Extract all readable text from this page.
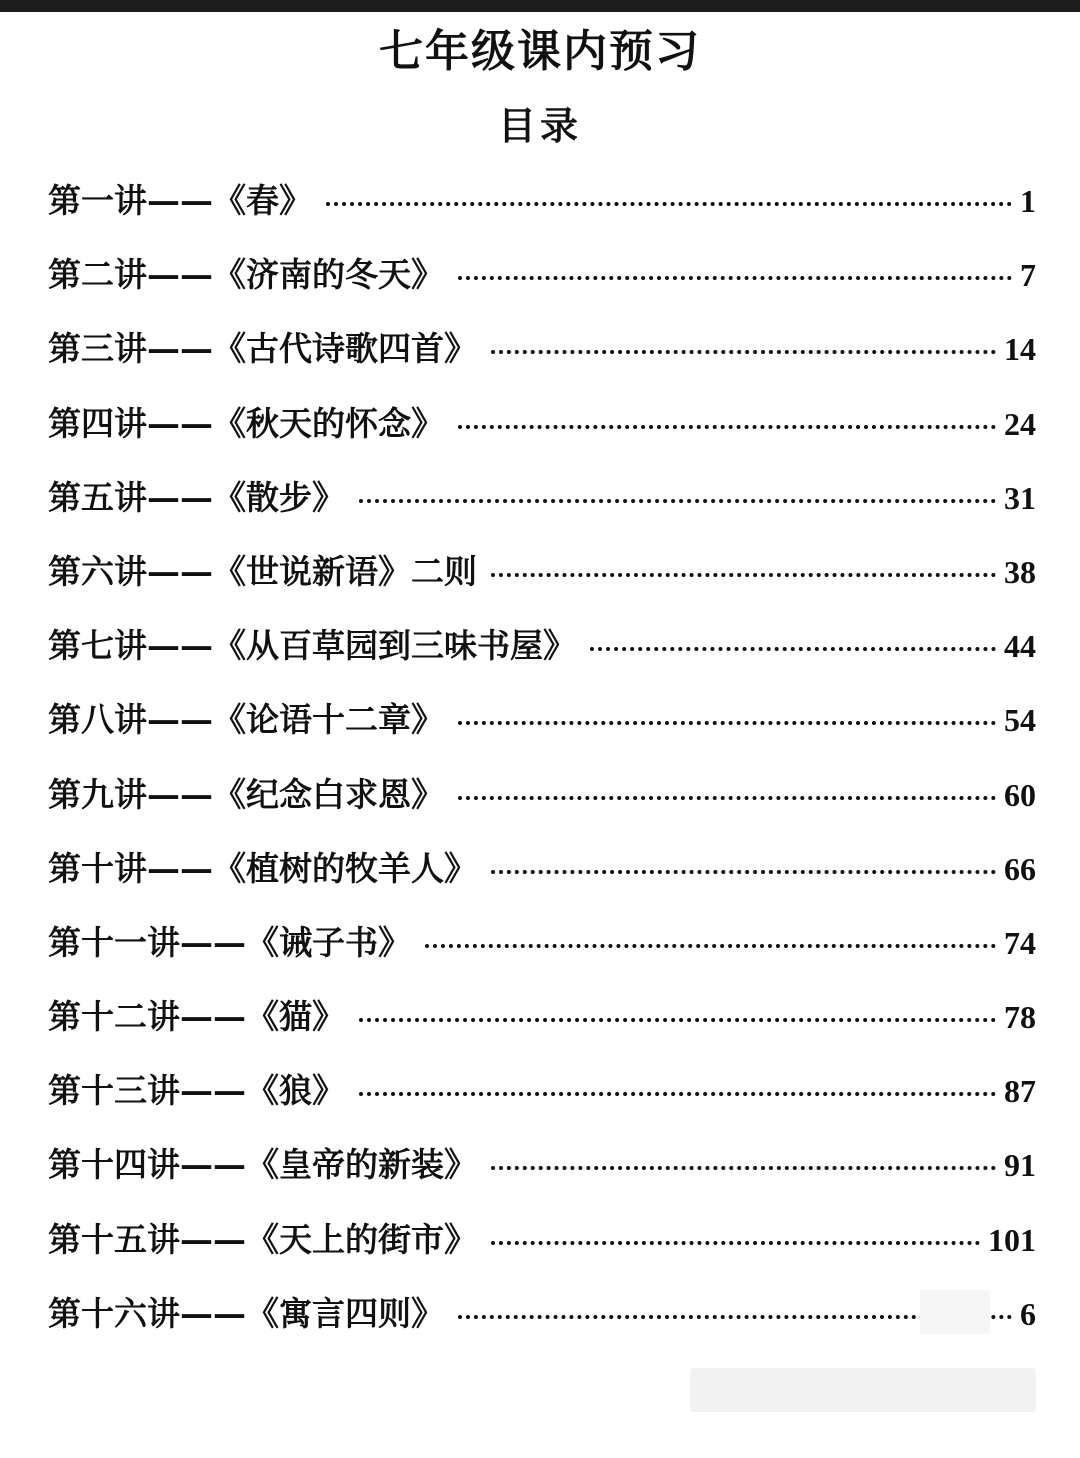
七年级课内预习
目录
第一讲——《春》	1
第二讲——《济南的冬天》	7
第三讲——《古代诗歌四首》	14
第四讲——《秋天的怀念》	24
第五讲——《散步》	31
第六讲——《世说新语》二则	38
第七讲——《从百草园到三味书屋》	44
第八讲——《论语十二章》	54
第九讲——《纪念白求恩》	60
第十讲——《植树的牧羊人》	66
第十一讲——《诫子书》	74
第十二讲——《猫》	78
第十三讲——《狼》	87
第十四讲——《皇帝的新装》	91
第十五讲——《天上的街市》	101
第十六讲——《寓言四则》	6
